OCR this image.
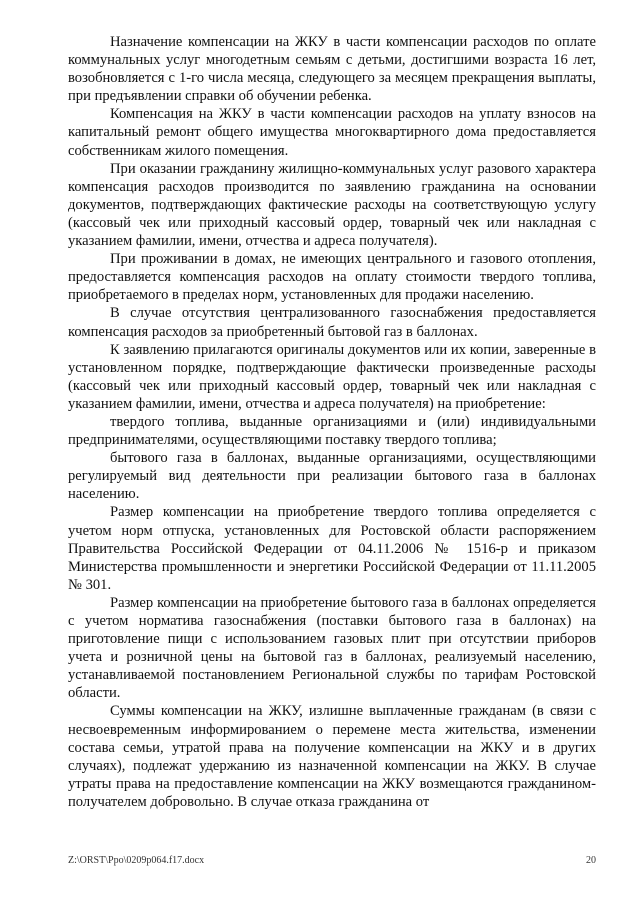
Назначение компенсации на ЖКУ в части компенсации расходов по оплате коммунальных услуг многодетным семьям с детьми, достигшими возраста 16 лет, возобновляется с 1-го числа месяца, следующего за месяцем прекращения выплаты, при предъявлении справки об обучении ребенка.

Компенсация на ЖКУ в части компенсации расходов на уплату взносов на капитальный ремонт общего имущества многоквартирного дома предоставляется собственникам жилого помещения.

При оказании гражданину жилищно-коммунальных услуг разового характера компенсация расходов производится по заявлению гражданина на основании документов, подтверждающих фактические расходы на соответствующую услугу (кассовый чек или приходный кассовый ордер, товарный чек или накладная с указанием фамилии, имени, отчества и адреса получателя).

При проживании в домах, не имеющих центрального и газового отопления, предоставляется компенсация расходов на оплату стоимости твердого топлива, приобретаемого в пределах норм, установленных для продажи населению.

В случае отсутствия централизованного газоснабжения предоставляется компенсация расходов за приобретенный бытовой газ в баллонах.

К заявлению прилагаются оригиналы документов или их копии, заверенные в установленном порядке, подтверждающие фактически произведенные расходы (кассовый чек или приходный кассовый ордер, товарный чек или накладная с указанием фамилии, имени, отчества и адреса получателя) на приобретение:

твердого топлива, выданные организациями и (или) индивидуальными предпринимателями, осуществляющими поставку твердого топлива;

бытового газа в баллонах, выданные организациями, осуществляющими регулируемый вид деятельности при реализации бытового газа в баллонах населению.

Размер компенсации на приобретение твердого топлива определяется с учетом норм отпуска, установленных для Ростовской области распоряжением Правительства Российской Федерации от 04.11.2006 № 1516-р и приказом Министерства промышленности и энергетики Российской Федерации от 11.11.2005 № 301.

Размер компенсации на приобретение бытового газа в баллонах определяется с учетом норматива газоснабжения (поставки бытового газа в баллонах) на приготовление пищи с использованием газовых плит при отсутствии приборов учета и розничной цены на бытовой газ в баллонах, реализуемый населению, устанавливаемой постановлением Региональной службы по тарифам Ростовской области.

Суммы компенсации на ЖКУ, излишне выплаченные гражданам (в связи с несвоевременным информированием о перемене места жительства, изменении состава семьи, утратой права на получение компенсации на ЖКУ и в других случаях), подлежат удержанию из назначенной компенсации на ЖКУ. В случае утраты права на предоставление компенсации на ЖКУ возмещаются гражданином-получателем добровольно. В случае отказа гражданина от

Z:\ORST\Ppo\0209p064.f17.docx	20
